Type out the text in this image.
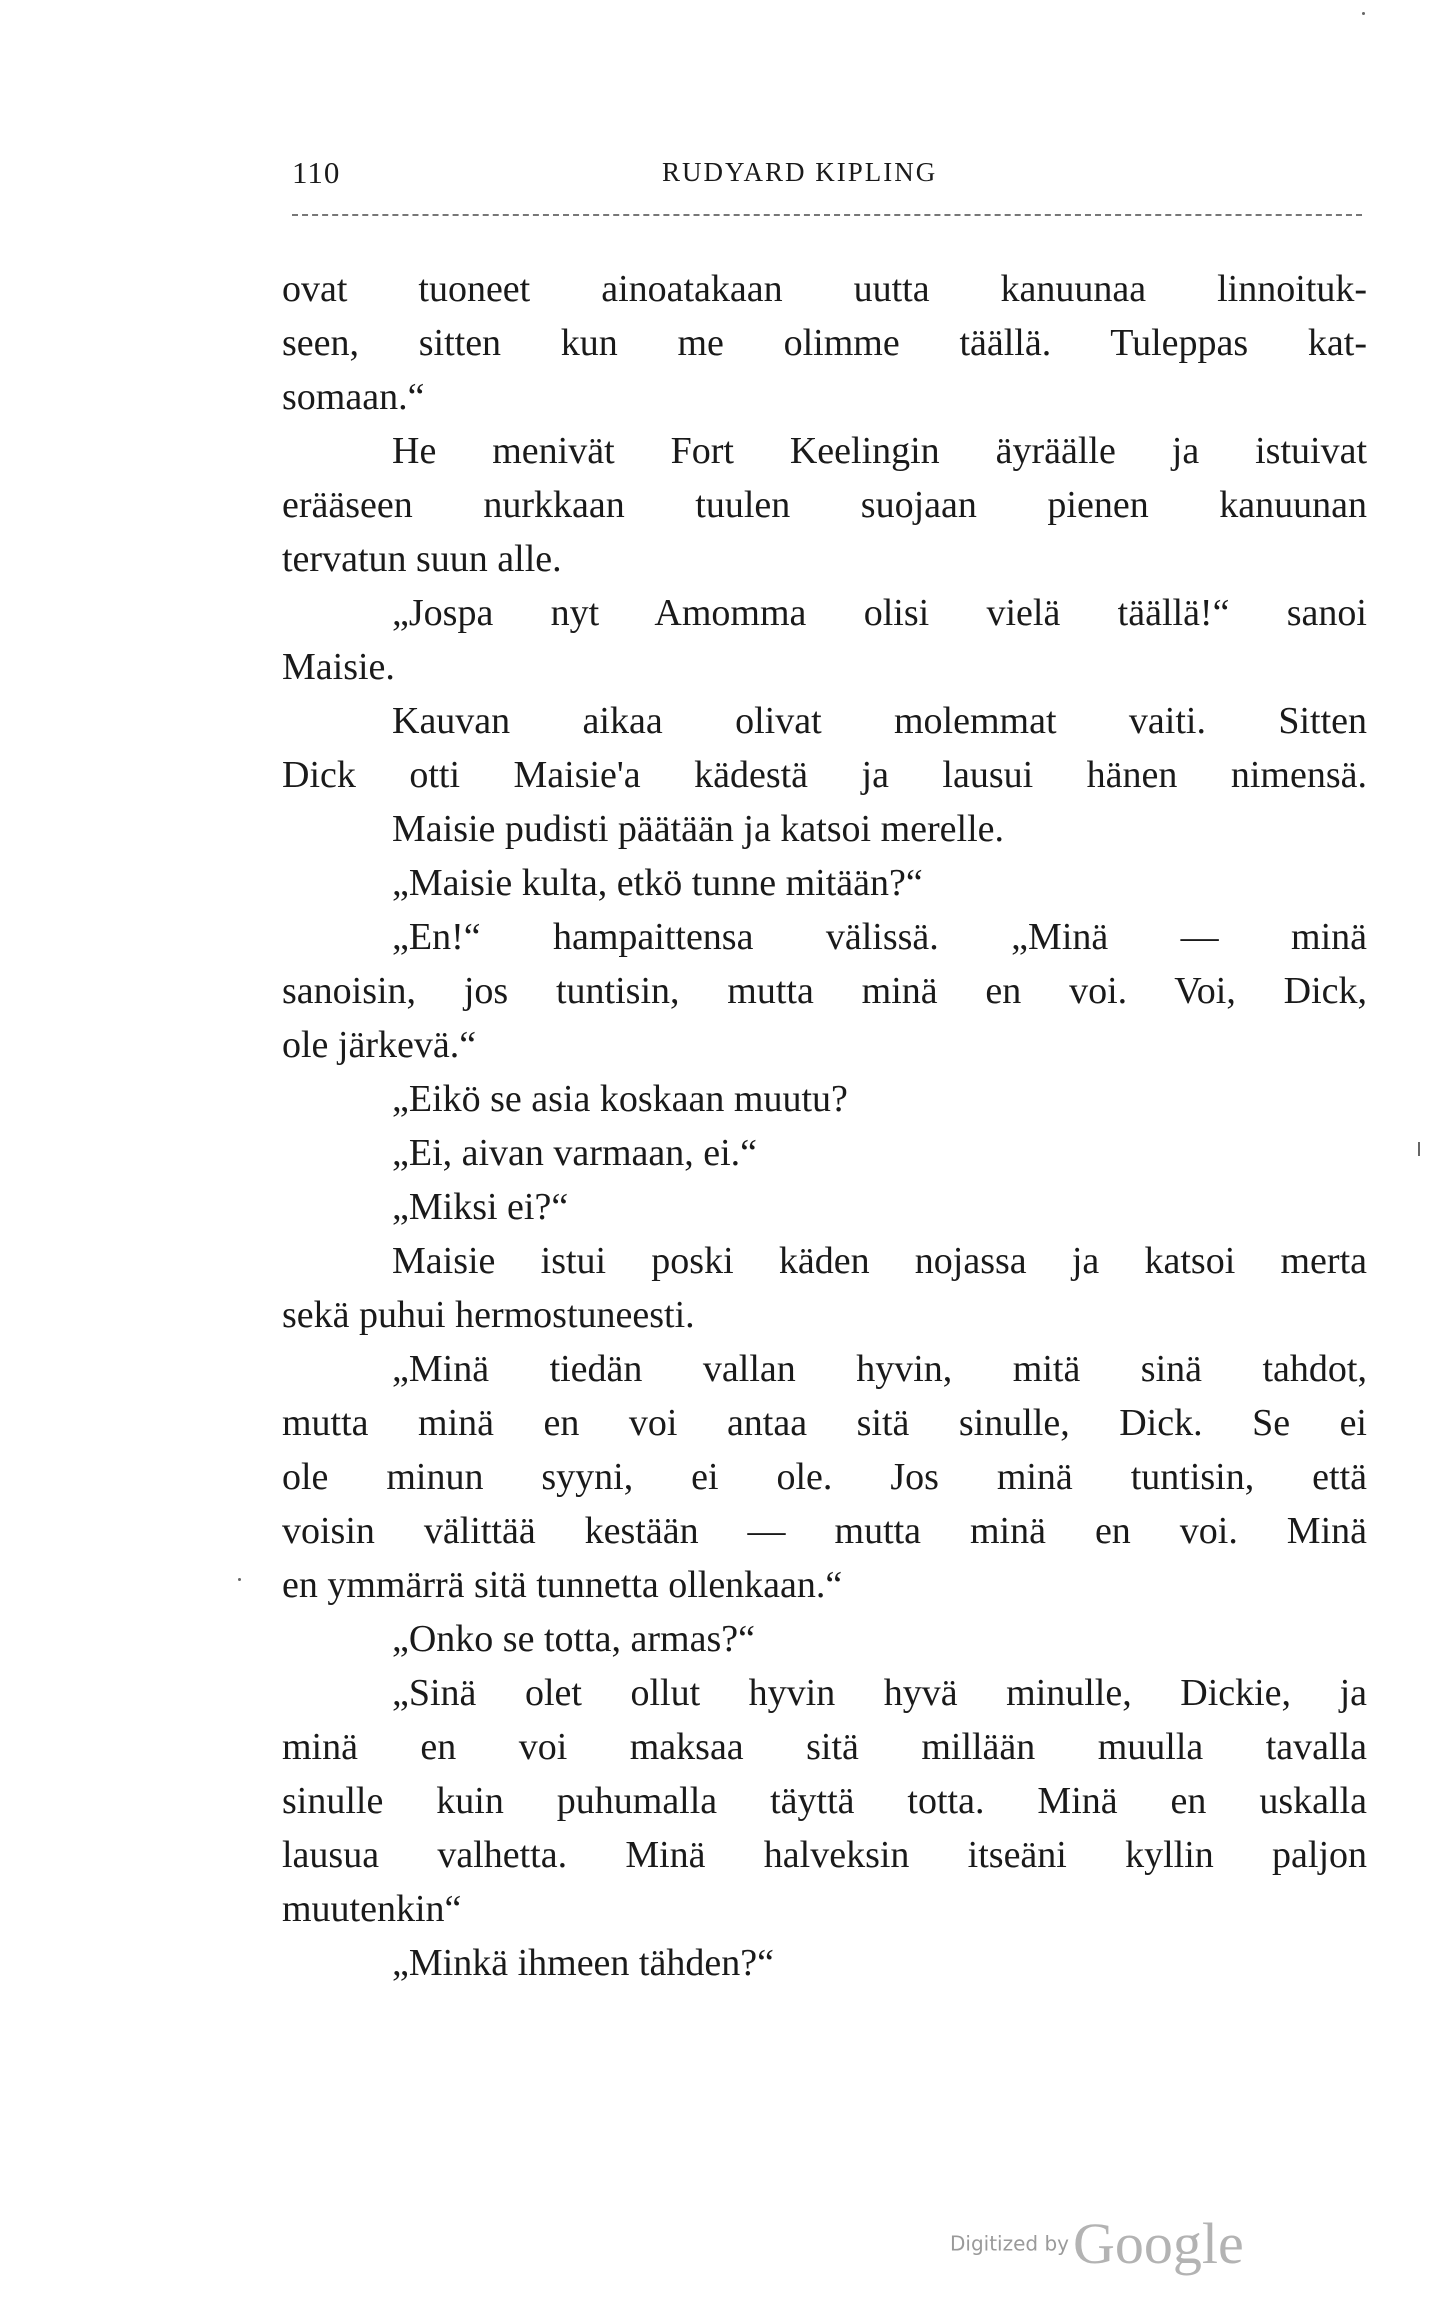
110	RUDYARD KIPLING
ovat tuoneet ainoatakaan uutta kanuunaa linnoituk-
seen, sitten kun me olimme täällä. Tuleppas kat-
somaan.“
He menivät Fort Keelingin äyräälle ja istuivat
erääseen nurkkaan tuulen suojaan pienen kanuunan
tervatun suun alle.
„Jospa nyt Amomma olisi vielä täällä!“ sanoi
Maisie.
Kauvan aikaa olivat molemmat vaiti. Sitten
Dick otti Maisie'a kädestä ja lausui hänen nimensä.
Maisie pudisti päätään ja katsoi merelle.
„Maisie kulta, etkö tunne mitään?“
„En!“ hampaittensa välissä. „Minä — minä
sanoisin, jos tuntisin, mutta minä en voi. Voi, Dick,
ole järkevä.“
„Eikö se asia koskaan muutu?
„Ei, aivan varmaan, ei.“
„Miksi ei?“
Maisie istui poski käden nojassa ja katsoi merta
sekä puhui hermostuneesti.
„Minä tiedän vallan hyvin, mitä sinä tahdot,
mutta minä en voi antaa sitä sinulle, Dick. Se ei
ole minun syyni, ei ole. Jos minä tuntisin, että
voisin välittää kestään — mutta minä en voi. Minä
en ymmärrä sitä tunnetta ollenkaan.“
„Onko se totta, armas?“
„Sinä olet ollut hyvin hyvä minulle, Dickie, ja
minä en voi maksaa sitä millään muulla tavalla
sinulle kuin puhumalla täyttä totta. Minä en uskalla
lausua valhetta. Minä halveksin itseäni kyllin paljon
muutenkin“
„Minkä ihmeen tähden?“
Digitized by Google
